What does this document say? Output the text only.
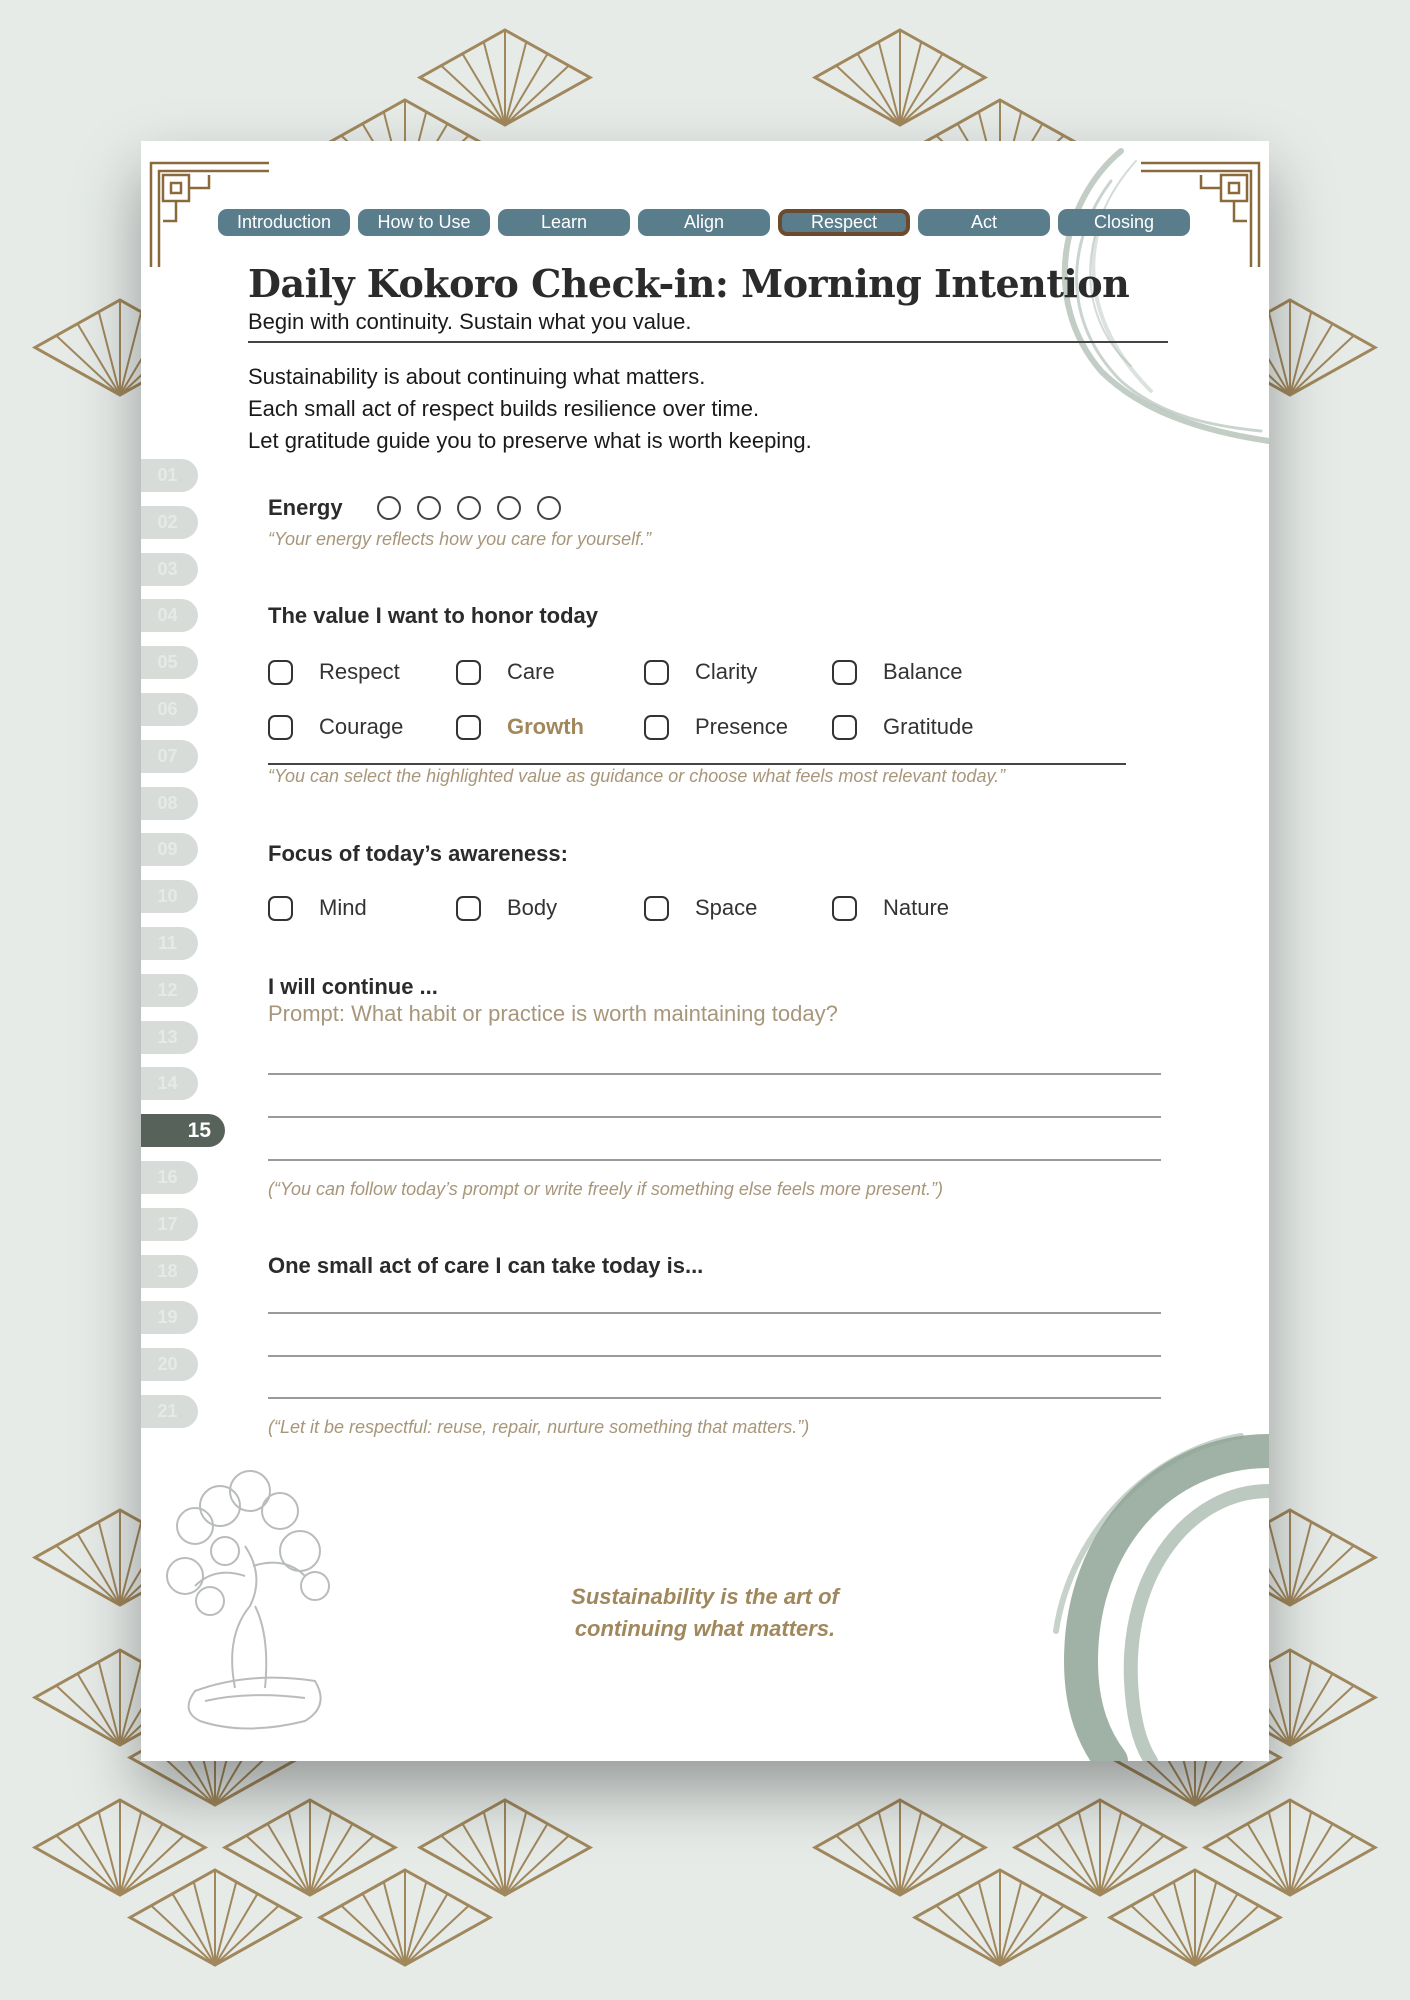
Introduction	How to Use	Learn	Align	Respect	Act	Closing
Daily Kokoro Check-in: Morning Intention
Begin with continuity. Sustain what you value.
Sustainability is about continuing what matters.
Each small act of respect builds resilience over time.
Let gratitude guide you to preserve what is worth keeping.
01
02
03
04
05
06
07
08
09
10
11
12
13
14
15
16
17
18
19
20
21
Energy
“Your energy reflects how you care for yourself.”
The value I want to honor today
Respect	Care	Clarity	Balance
Courage	Growth	Presence	Gratitude
“You can select the highlighted value as guidance or choose what feels most relevant today.”
Focus of today’s awareness:
Mind	Body	Space	Nature
I will continue ...
Prompt: What habit or practice is worth maintaining today?
(“You can follow today’s prompt or write freely if something else feels more present.”)
One small act of care I can take today is...
(“Let it be respectful: reuse, repair, nurture something that matters.”)
Sustainability is the art of
continuing what matters.
